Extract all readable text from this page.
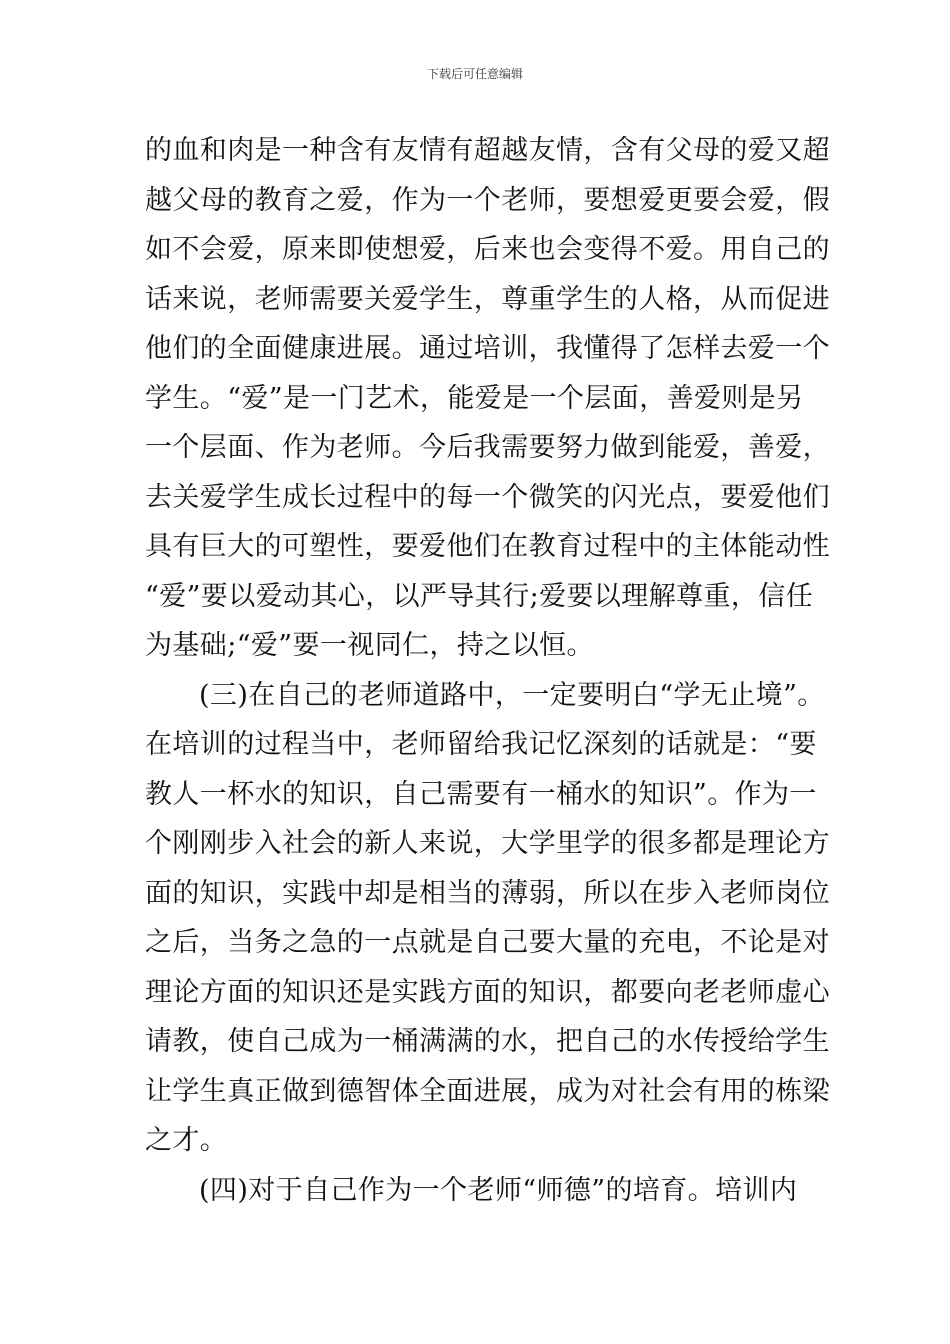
下载后可任意编辑
的血和肉是一种含有友情有超越友情，含有父母的爱又超
越父母的教育之爱，作为一个老师，要想爱更要会爱，假
如不会爱，原来即使想爱，后来也会变得不爱。用自己的
话来说，老师需要关爱学生，尊重学生的人格，从而促进
他们的全面健康进展。通过培训，我懂得了怎样去爱一个
学生。“爱”是一门艺术，能爱是一个层面，善爱则是另
一个层面、作为老师。今后我需要努力做到能爱，善爱，
去关爱学生成长过程中的每一个微笑的闪光点，要爱他们
具有巨大的可塑性，要爱他们在教育过程中的主体能动性
“爱”要以爱动其心，以严导其行;爱要以理解尊重，信任
为基础;“爱”要一视同仁，持之以恒。
(三)在自己的老师道路中，一定要明白“学无止境”。
在培训的过程当中，老师留给我记忆深刻的话就是：“要
教人一杯水的知识，自己需要有一桶水的知识”。作为一
个刚刚步入社会的新人来说，大学里学的很多都是理论方
面的知识，实践中却是相当的薄弱，所以在步入老师岗位
之后，当务之急的一点就是自己要大量的充电，不论是对
理论方面的知识还是实践方面的知识，都要向老老师虚心
请教，使自己成为一桶满满的水，把自己的水传授给学生
让学生真正做到德智体全面进展，成为对社会有用的栋梁
之才。
(四)对于自己作为一个老师“师德”的培育。培训内
